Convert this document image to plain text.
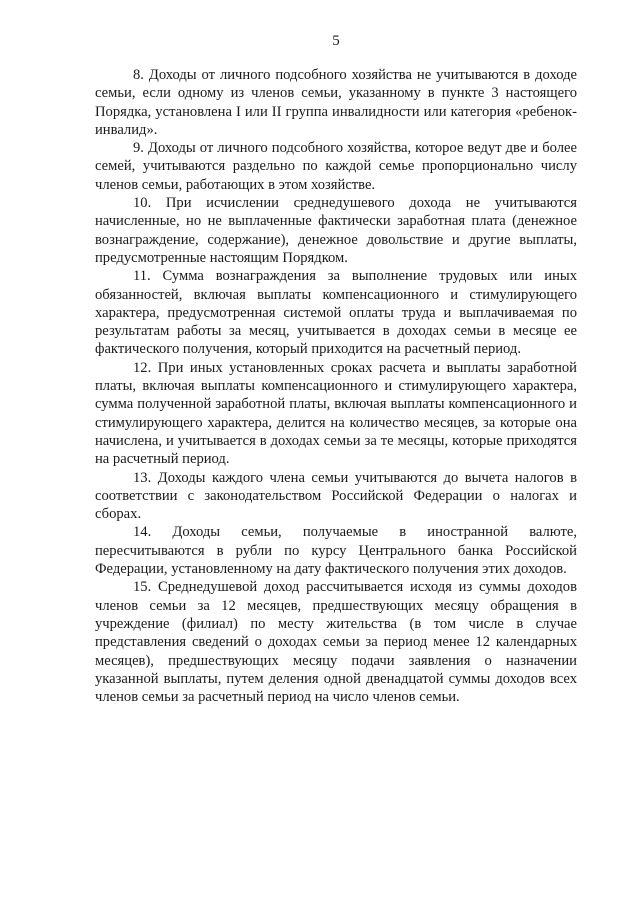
5

8. Доходы от личного подсобного хозяйства не учитываются в доходе семьи, если одному из членов семьи, указанному в пункте 3 настоящего Порядка, установлена I или II группа инвалидности или категория «ребенок-инвалид».

9. Доходы от личного подсобного хозяйства, которое ведут две и более семей, учитываются раздельно по каждой семье пропорционально числу членов семьи, работающих в этом хозяйстве.

10. При исчислении среднедушевого дохода не учитываются начисленные, но не выплаченные фактически заработная плата (денежное вознаграждение, содержание), денежное довольствие и другие выплаты, предусмотренные настоящим Порядком.

11. Сумма вознаграждения за выполнение трудовых или иных обязанностей, включая выплаты компенсационного и стимулирующего характера, предусмотренная системой оплаты труда и выплачиваемая по результатам работы за месяц, учитывается в доходах семьи в месяце ее фактического получения, который приходится на расчетный период.

12. При иных установленных сроках расчета и выплаты заработной платы, включая выплаты компенсационного и стимулирующего характера, сумма полученной заработной платы, включая выплаты компенсационного и стимулирующего характера, делится на количество месяцев, за которые она начислена, и учитывается в доходах семьи за те месяцы, которые приходятся на расчетный период.

13. Доходы каждого члена семьи учитываются до вычета налогов в соответствии с законодательством Российской Федерации о налогах и сборах.

14. Доходы семьи, получаемые в иностранной валюте, пересчитываются в рубли по курсу Центрального банка Российской Федерации, установленному на дату фактического получения этих доходов.

15. Среднедушевой доход рассчитывается исходя из суммы доходов членов семьи за 12 месяцев, предшествующих месяцу обращения в учреждение (филиал) по месту жительства (в том числе в случае представления сведений о доходах семьи за период менее 12 календарных месяцев), предшествующих месяцу подачи заявления о назначении указанной выплаты, путем деления одной двенадцатой суммы доходов всех членов семьи за расчетный период на число членов семьи.
